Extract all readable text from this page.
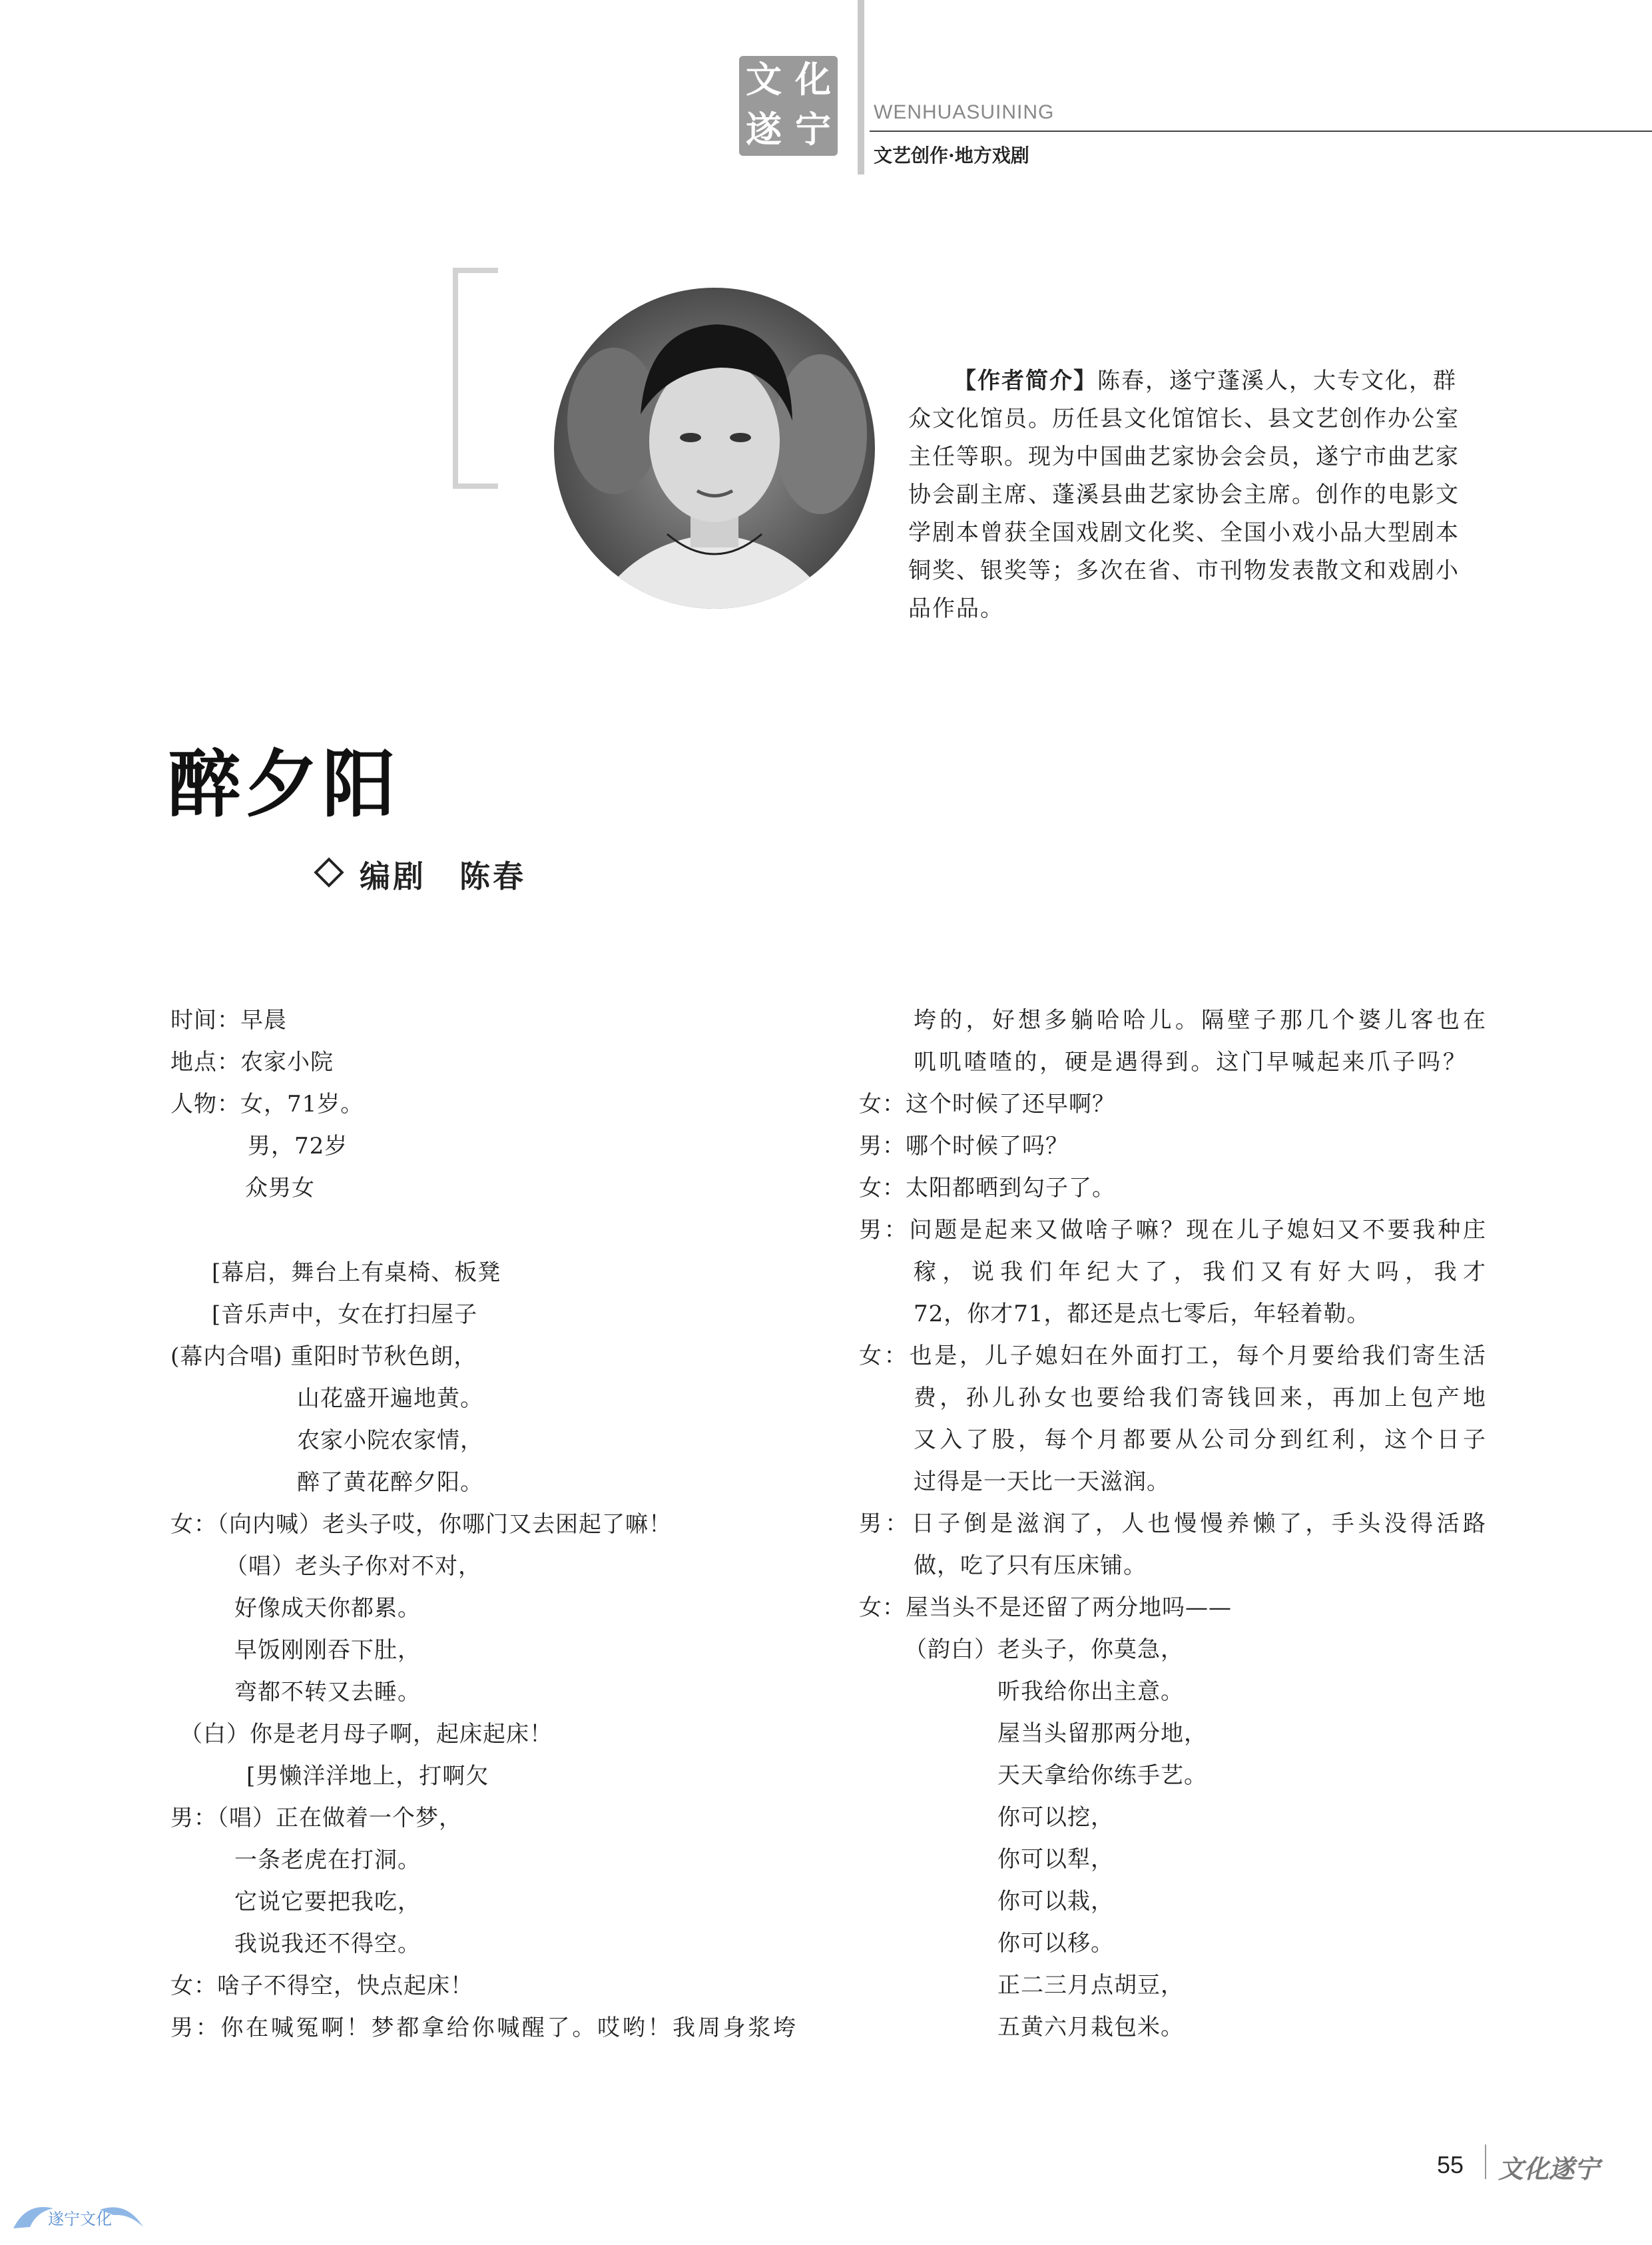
文 化
遂 宁	WENHUASUINING
文艺创作·地方戏剧
【作者简介】陈春，遂宁蓬溪人，大专文化，群
众文化馆员。历任县文化馆馆长、县文艺创作办公室
主任等职。现为中国曲艺家协会会员，遂宁市曲艺家
协会副主席、蓬溪县曲艺家协会主席。创作的电影文
学剧本曾获全国戏剧文化奖、全国小戏小品大型剧本
铜奖、银奖等；多次在省、市刊物发表散文和戏剧小
品作品。
醉夕阳
编剧　陈春
时间：早晨
地点：农家小院
人物：女，71岁。
男，72岁
众男女
[幕启，舞台上有桌椅、板凳
[音乐声中，女在打扫屋子
(幕内合唱) 重阳时节秋色朗，
山花盛开遍地黄。
农家小院农家情，
醉了黄花醉夕阳。
女：（向内喊）老头子哎，你哪门又去困起了嘛！
（唱）老头子你对不对，
好像成天你都累。
早饭刚刚吞下肚，
弯都不转又去睡。
（白）你是老月母子啊，起床起床！
[男懒洋洋地上，打啊欠
男：（唱）正在做着一个梦，
一条老虎在打洞。
它说它要把我吃，
我说我还不得空。
女：啥子不得空，快点起床！
男：你在喊冤啊！梦都拿给你喊醒了。哎哟！我周身浆垮
垮的，好想多躺哈哈儿。隔壁子那几个婆儿客也在
叽叽喳喳的，硬是遇得到。这门早喊起来爪子吗？
女：这个时候了还早啊？
男：哪个时候了吗？
女：太阳都晒到勾子了。
男：问题是起来又做啥子嘛？现在儿子媳妇又不要我种庄
稼，说我们年纪大了，我们又有好大吗，我才
72，你才71，都还是点七零后，年轻着勒。
女：也是，儿子媳妇在外面打工，每个月要给我们寄生活
费，孙儿孙女也要给我们寄钱回来，再加上包产地
又入了股，每个月都要从公司分到红利，这个日子
过得是一天比一天滋润。
男：日子倒是滋润了，人也慢慢养懒了，手头没得活路
做，吃了只有压床铺。
女：屋当头不是还留了两分地吗——
（韵白）老头子，你莫急，
听我给你出主意。
屋当头留那两分地，
天天拿给你练手艺。
你可以挖，
你可以犁，
你可以栽，
你可以移。
正二三月点胡豆，
五黄六月栽包米。
55 文化遂宁
遂宁文化
